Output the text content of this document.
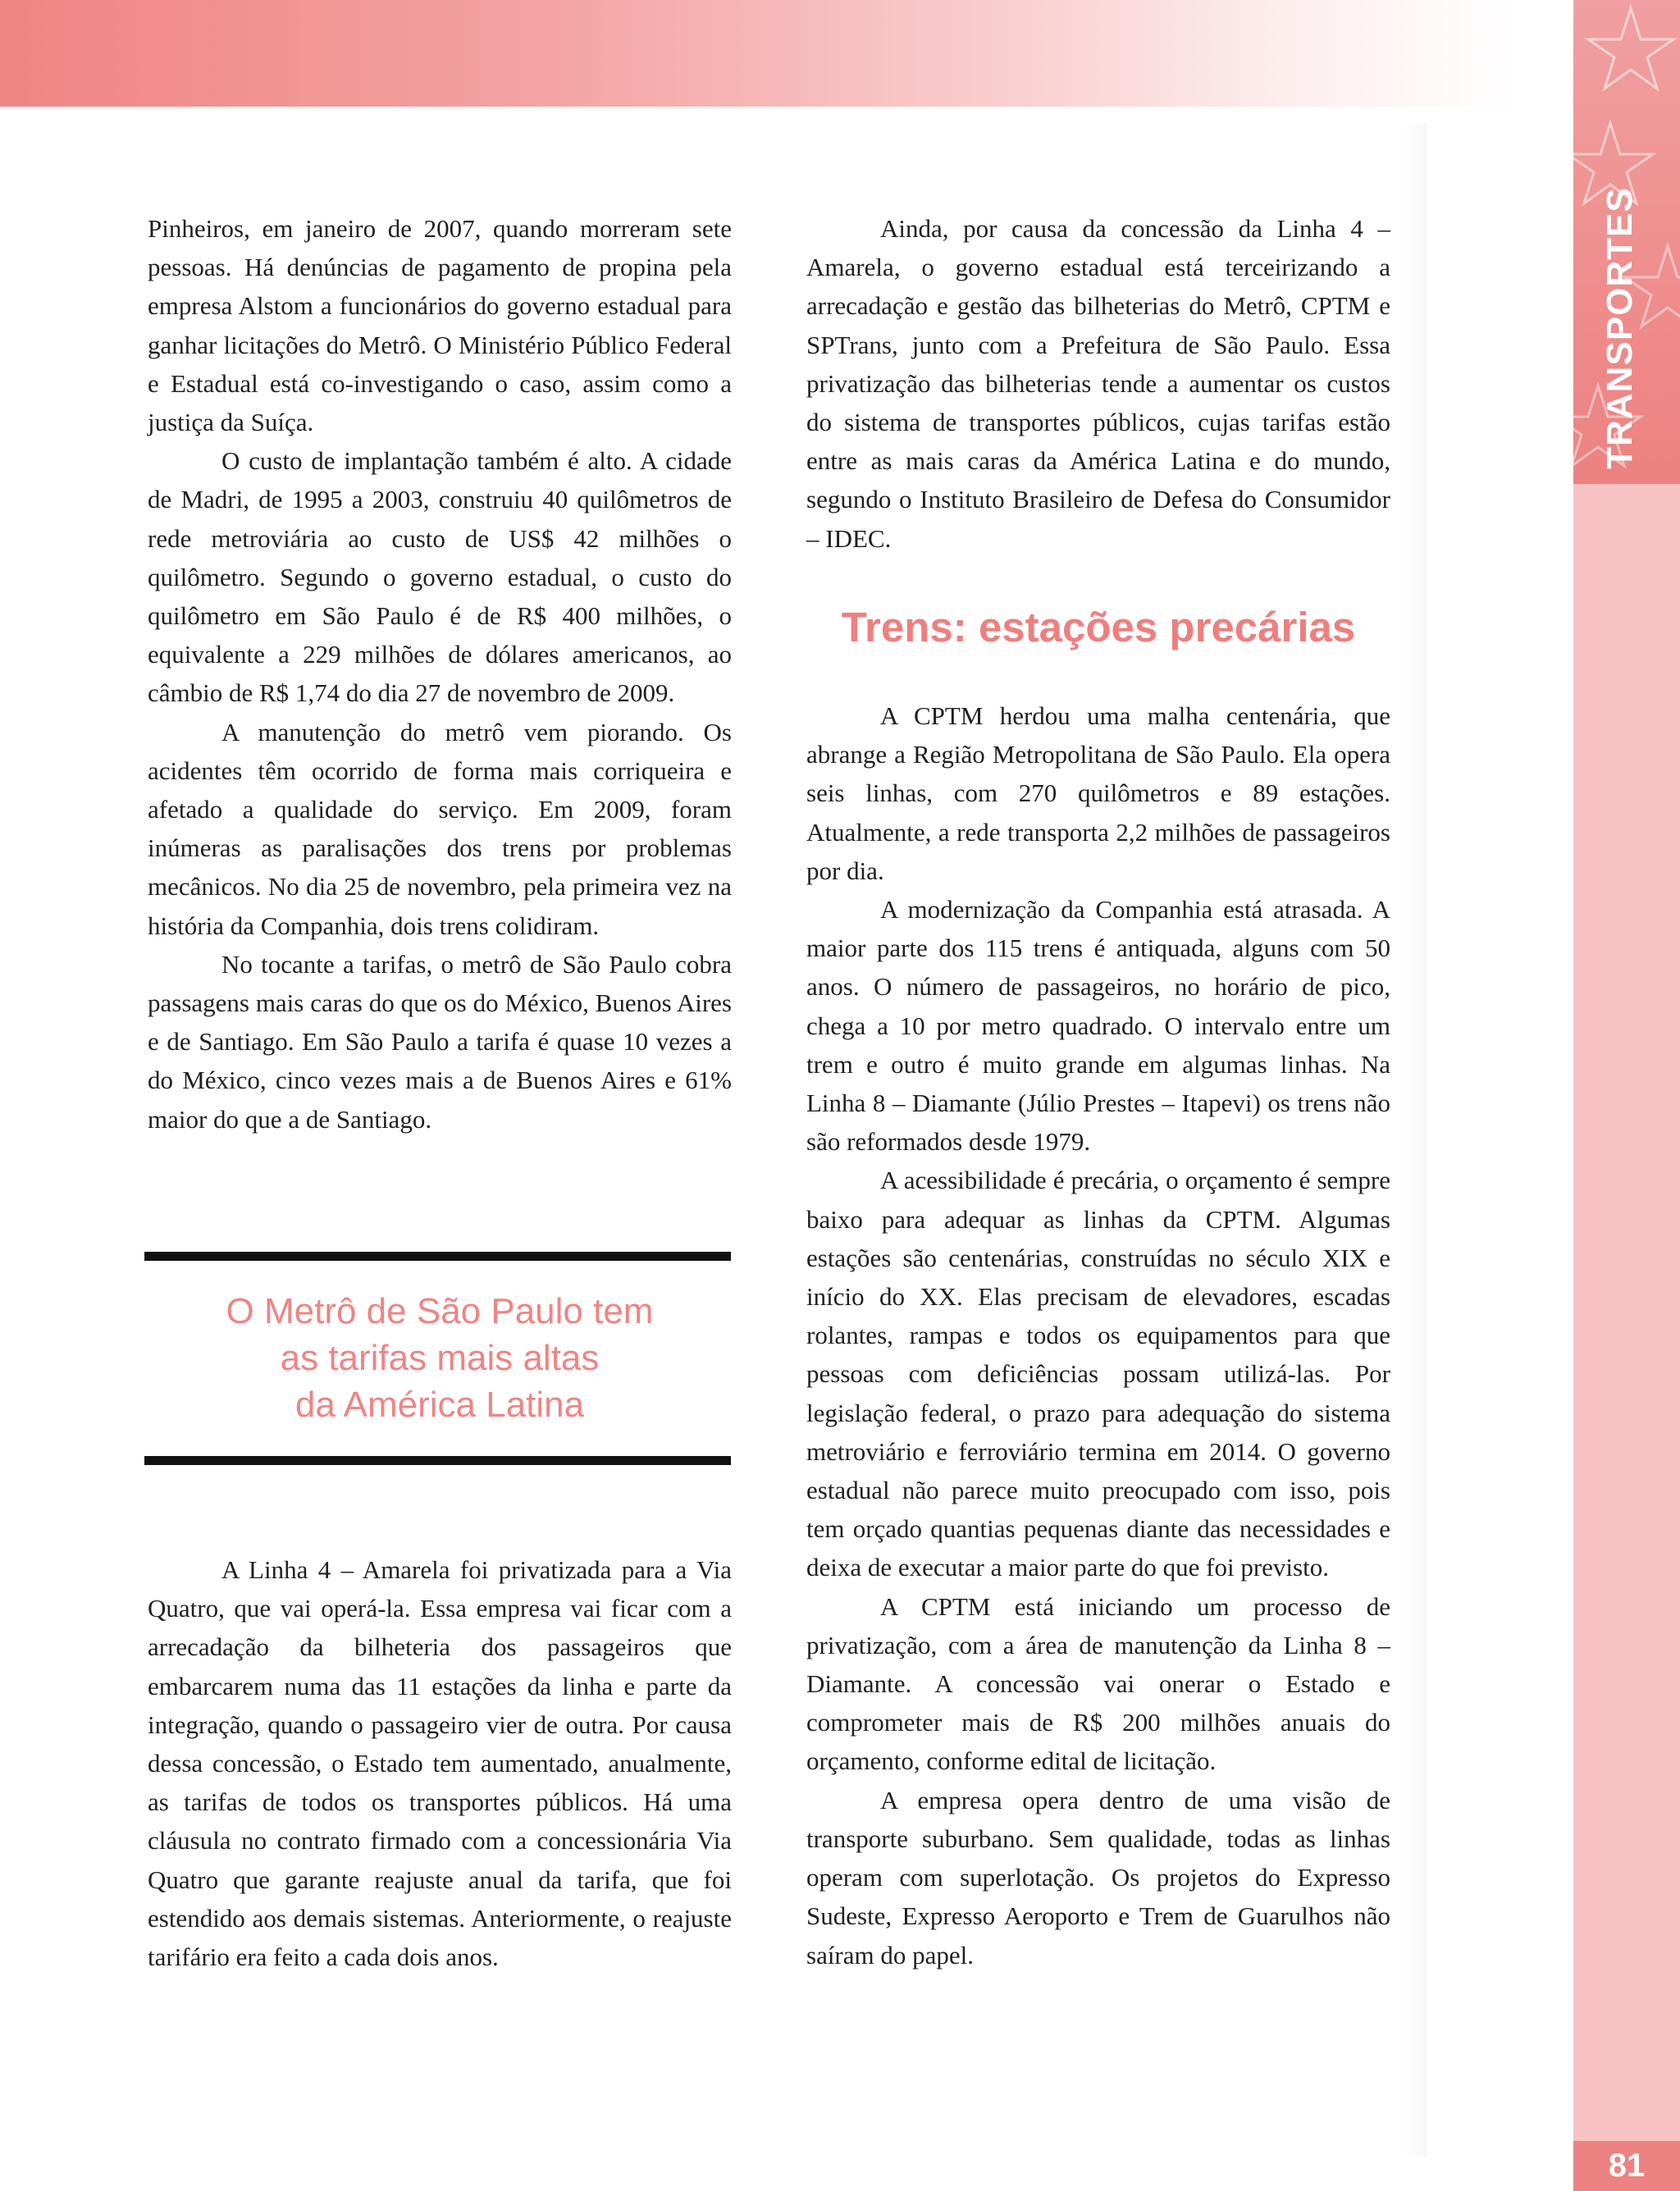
TRANSPORTES
81

Pinheiros, em janeiro de 2007, quando morreram sete pessoas. Há denúncias de pagamento de propina pela empresa Alstom a funcionários do governo estadual para ganhar licitações do Metrô. O Ministério Público Federal e Estadual está co-investigando o caso, assim como a justiça da Suíça.

O custo de implantação também é alto. A cidade de Madri, de 1995 a 2003, construiu 40 quilômetros de rede metroviária ao custo de US$ 42 milhões o quilômetro. Segundo o governo estadual, o custo do quilômetro em São Paulo é de R$ 400 milhões, o equivalente a 229 milhões de dólares americanos, ao câmbio de R$ 1,74 do dia 27 de novembro de 2009.

A manutenção do metrô vem piorando. Os acidentes têm ocorrido de forma mais corriqueira e afetado a qualidade do serviço. Em 2009, foram inúmeras as paralisações dos trens por problemas mecânicos. No dia 25 de novembro, pela primeira vez na história da Companhia, dois trens colidiram.

No tocante a tarifas, o metrô de São Paulo cobra passagens mais caras do que os do México, Buenos Aires e de Santiago. Em São Paulo a tarifa é quase 10 vezes a do México, cinco vezes mais a de Buenos Aires e 61% maior do que a de Santiago.

O Metrô de São Paulo tem
as tarifas mais altas
da América Latina

A Linha 4 – Amarela foi privatizada para a Via Quatro, que vai operá-la. Essa empresa vai ficar com a arrecadação da bilheteria dos passageiros que embarcarem numa das 11 estações da linha e parte da integração, quando o passageiro vier de outra. Por causa dessa concessão, o Estado tem aumentado, anualmente, as tarifas de todos os transportes públicos. Há uma cláusula no contrato firmado com a concessionária Via Quatro que garante reajuste anual da tarifa, que foi estendido aos demais sistemas. Anteriormente, o reajuste tarifário era feito a cada dois anos.

Ainda, por causa da concessão da Linha 4 – Amarela, o governo estadual está terceirizando a arrecadação e gestão das bilheterias do Metrô, CPTM e SPTrans, junto com a Prefeitura de São Paulo. Essa privatização das bilheterias tende a aumentar os custos do sistema de transportes públicos, cujas tarifas estão entre as mais caras da América Latina e do mundo, segundo o Instituto Brasileiro de Defesa do Consumidor – IDEC.

Trens: estações precárias

A CPTM herdou uma malha centenária, que abrange a Região Metropolitana de São Paulo. Ela opera seis linhas, com 270 quilômetros e 89 estações. Atualmente, a rede transporta 2,2 milhões de passageiros por dia.

A modernização da Companhia está atrasada. A maior parte dos 115 trens é antiquada, alguns com 50 anos. O número de passageiros, no horário de pico, chega a 10 por metro quadrado. O intervalo entre um trem e outro é muito grande em algumas linhas. Na Linha 8 – Diamante (Júlio Prestes – Itapevi) os trens não são reformados desde 1979.

A acessibilidade é precária, o orçamento é sempre baixo para adequar as linhas da CPTM. Algumas estações são centenárias, construídas no século XIX e início do XX. Elas precisam de elevadores, escadas rolantes, rampas e todos os equipamentos para que pessoas com deficiências possam utilizá-las. Por legislação federal, o prazo para adequação do sistema metroviário e ferroviário termina em 2014. O governo estadual não parece muito preocupado com isso, pois tem orçado quantias pequenas diante das necessidades e deixa de executar a maior parte do que foi previsto.

A CPTM está iniciando um processo de privatização, com a área de manutenção da Linha 8 – Diamante. A concessão vai onerar o Estado e comprometer mais de R$ 200 milhões anuais do orçamento, conforme edital de licitação.

A empresa opera dentro de uma visão de transporte suburbano. Sem qualidade, todas as linhas operam com superlotação. Os projetos do Expresso Sudeste, Expresso Aeroporto e Trem de Guarulhos não saíram do papel.
